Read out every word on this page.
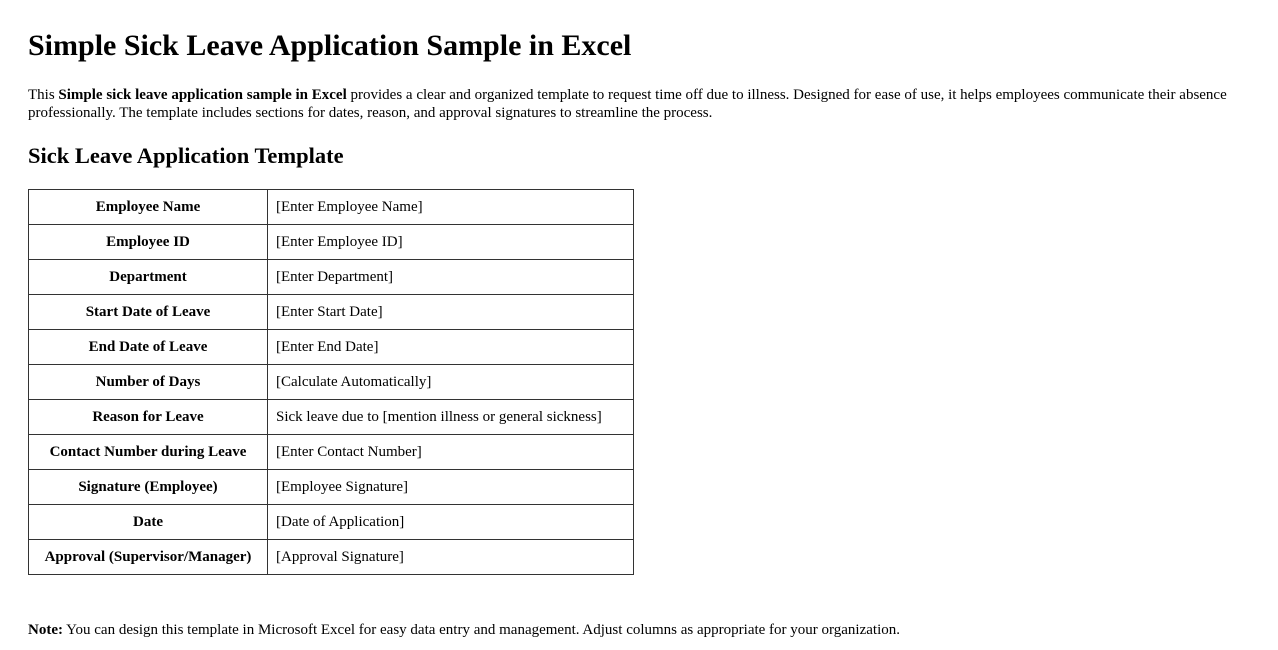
Simple Sick Leave Application Sample in Excel

This Simple sick leave application sample in Excel provides a clear and organized template to request time off due to illness. Designed for ease of use, it helps employees communicate their absence professionally. The template includes sections for dates, reason, and approval signatures to streamline the process.

Sick Leave Application Template
Employee Name	[Enter Employee Name]
Employee ID	[Enter Employee ID]
Department	[Enter Department]
Start Date of Leave	[Enter Start Date]
End Date of Leave	[Enter End Date]
Number of Days	[Calculate Automatically]
Reason for Leave	Sick leave due to [mention illness or general sickness]
Contact Number during Leave	[Enter Contact Number]
Signature (Employee)	[Employee Signature]
Date	[Date of Application]
Approval (Supervisor/Manager)	[Approval Signature]

Note: You can design this template in Microsoft Excel for easy data entry and management. Adjust columns as appropriate for your organization.
